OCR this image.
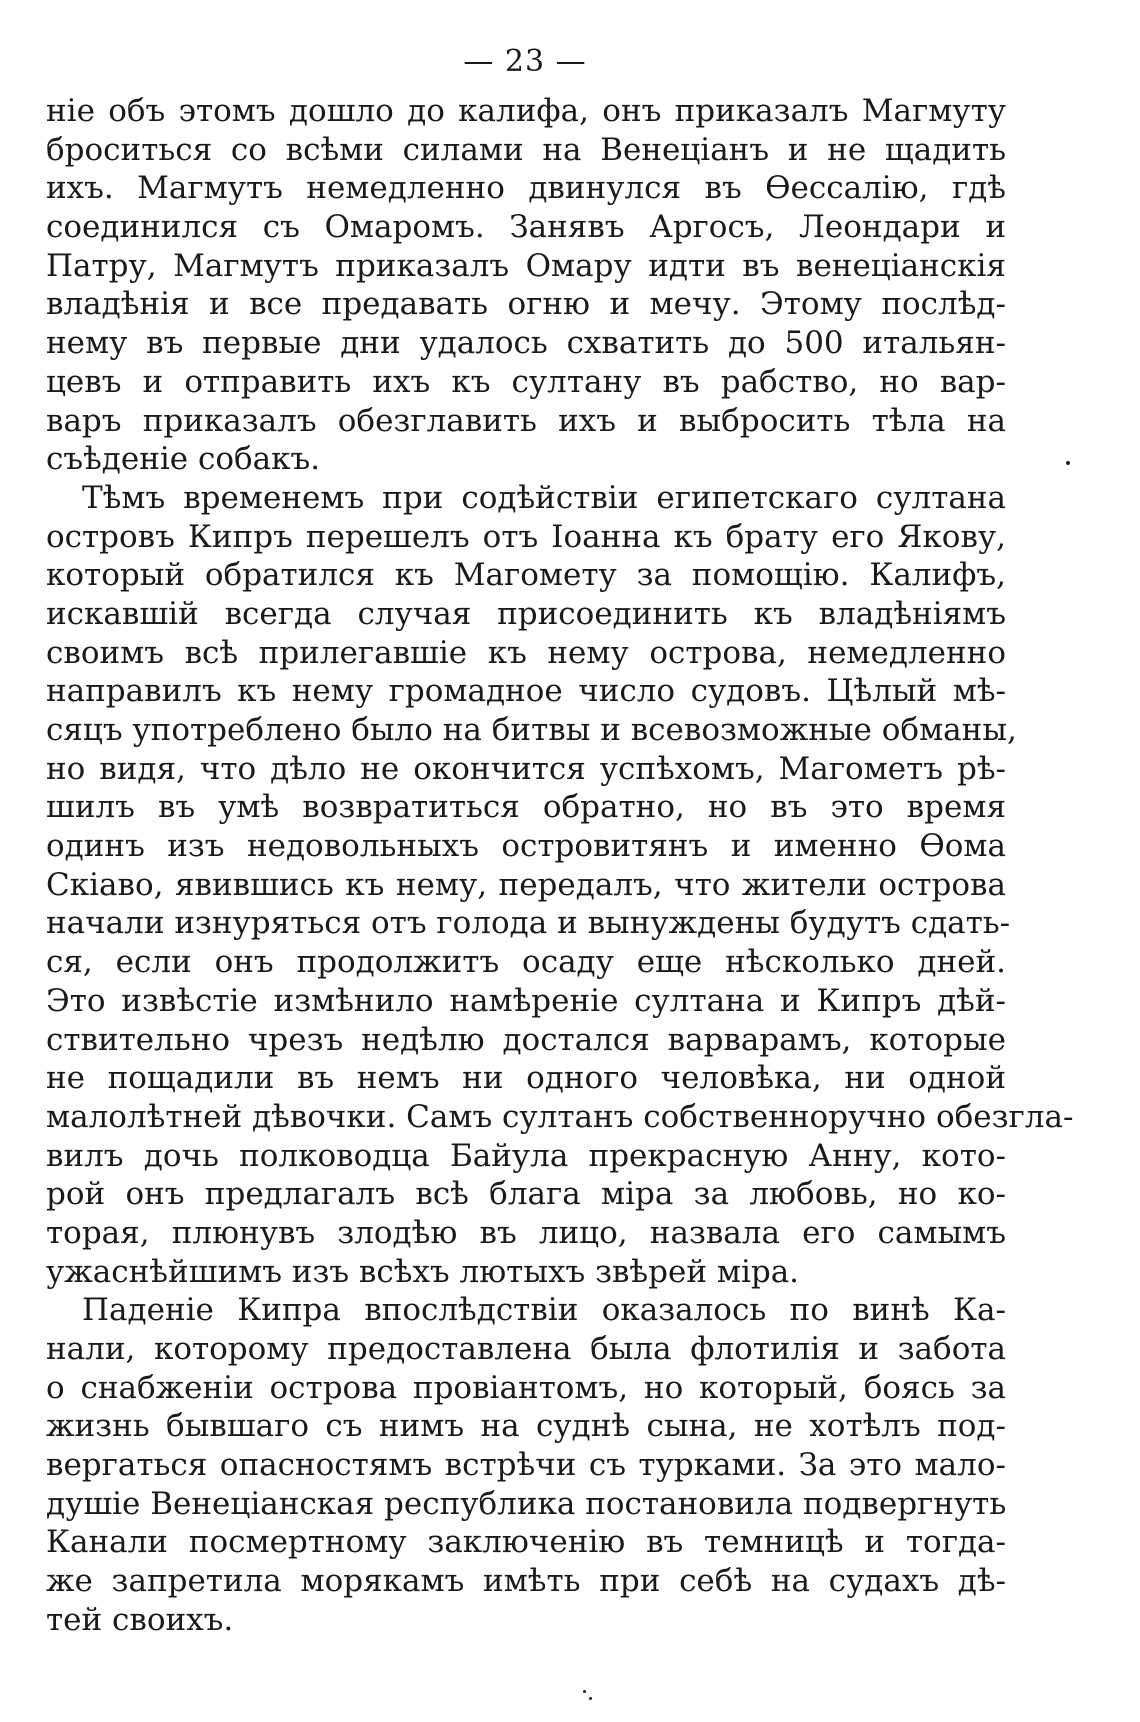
— 23 —
ніе объ этомъ дошло до калифа, онъ приказалъ Магмуту
броситься со всѣми силами на Венеціанъ и не щадить
ихъ. Магмутъ немедленно двинулся въ Ѳессалію, гдѣ
соединился съ Омаромъ. Занявъ Аргосъ, Леондари и
Патру, Магмутъ приказалъ Омару идти въ венеціанскія
владѣнія и все предавать огню и мечу. Этому послѣд-
нему въ первые дни удалось схватить до 500 итальян-
цевъ и отправить ихъ къ султану въ рабство, но вар-
варъ приказалъ обезглавить ихъ и выбросить тѣла на
съѣденіе собакъ.
Тѣмъ временемъ при содѣйствіи египетскаго султана
островъ Кипръ перешелъ отъ Іоанна къ брату его Якову,
который обратился къ Магомету за помощію. Калифъ,
искавшій всегда случая присоединить къ владѣніямъ
своимъ всѣ прилегавшіе къ нему острова, немедленно
направилъ къ нему громадное число судовъ. Цѣлый мѣ-
сяцъ употреблено было на битвы и всевозможные обманы,
но видя, что дѣло не окончится успѣхомъ, Магометъ рѣ-
шилъ въ умѣ возвратиться обратно, но въ это время
одинъ изъ недовольныхъ островитянъ и именно Ѳома
Скіаво, явившись къ нему, передалъ, что жители острова
начали изнуряться отъ голода и вынуждены будутъ сдать-
ся, если онъ продолжитъ осаду еще нѣсколько дней.
Это извѣстіе измѣнило намѣреніе султана и Кипръ дѣй-
ствительно чрезъ недѣлю достался варварамъ, которые
не пощадили въ немъ ни одного человѣка, ни одной
малолѣтней дѣвочки. Самъ султанъ собственноручно обезгла-
вилъ дочь полководца Байула прекрасную Анну, кото-
рой онъ предлагалъ всѣ блага міра за любовь, но ко-
торая, плюнувъ злодѣю въ лицо, назвала его самымъ
ужаснѣйшимъ изъ всѣхъ лютыхъ звѣрей міра.
Паденіе Кипра впослѣдствіи оказалось по винѣ Ка-
нали, которому предоставлена была флотилія и забота
о снабженіи острова провіантомъ, но который, боясь за
жизнь бывшаго съ нимъ на суднѣ сына, не хотѣлъ под-
вергаться опасностямъ встрѣчи съ турками. За это мало-
душіе Венеціанская республика постановила подвергнуть
Канали посмертному заключенію въ темницѣ и тогда-
же запретила морякамъ имѣть при себѣ на судахъ дѣ-
тей своихъ.
